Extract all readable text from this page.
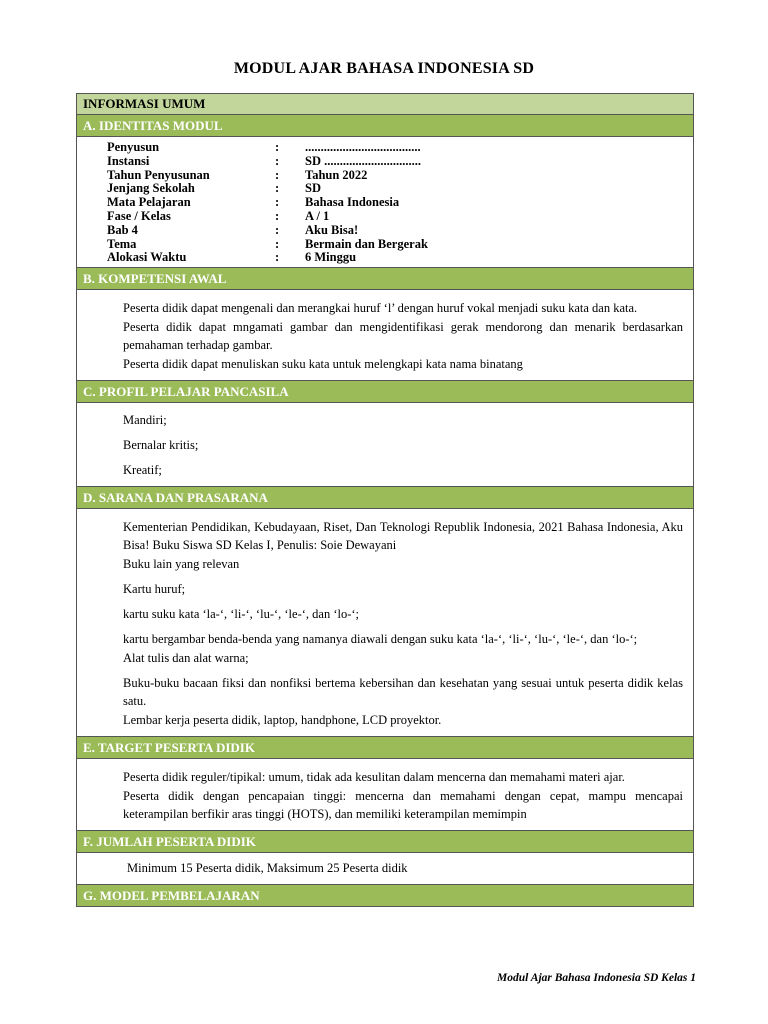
MODUL AJAR BAHASA INDONESIA SD
INFORMASI UMUM
A. IDENTITAS MODUL
Penyusun	:	.....................................
Instansi	:	SD ...............................
Tahun Penyusunan	:	Tahun 2022
Jenjang Sekolah	:	SD
Mata Pelajaran	:	Bahasa Indonesia
Fase / Kelas	:	A / 1
Bab 4	:	Aku Bisa!
Tema	:	Bermain dan Bergerak
Alokasi Waktu	:	6 Minggu
B. KOMPETENSI AWAL
Peserta didik dapat mengenali dan merangkai huruf ‘l’ dengan huruf vokal menjadi suku kata dan kata.
Peserta didik dapat mngamati gambar dan mengidentifikasi gerak mendorong dan menarik berdasarkan pemahaman terhadap gambar.
Peserta didik dapat menuliskan suku kata untuk melengkapi kata nama binatang
C. PROFIL PELAJAR PANCASILA
Mandiri;
Bernalar kritis;
Kreatif;
D. SARANA DAN PRASARANA
Kementerian Pendidikan, Kebudayaan, Riset, Dan Teknologi Republik Indonesia, 2021 Bahasa Indonesia, Aku Bisa! Buku Siswa SD Kelas I, Penulis: Soie Dewayani
Buku lain yang relevan
Kartu huruf;
kartu suku kata ‘la-‘, ‘li-‘, ‘lu-‘, ‘le-‘, dan ‘lo-‘;
kartu bergambar benda-benda yang namanya diawali dengan suku kata ‘la-‘, ‘li-‘, ‘lu-‘, ‘le-‘, dan ‘lo-‘;
Alat tulis dan alat warna;
Buku-buku bacaan fiksi dan nonfiksi bertema kebersihan dan kesehatan yang sesuai untuk peserta didik kelas satu.
Lembar kerja peserta didik, laptop, handphone, LCD proyektor.
E. TARGET PESERTA DIDIK
Peserta didik reguler/tipikal: umum, tidak ada kesulitan dalam mencerna dan memahami materi ajar.
Peserta didik dengan pencapaian tinggi: mencerna dan memahami dengan cepat, mampu mencapai keterampilan berfikir aras tinggi (HOTS), dan memiliki keterampilan memimpin
F. JUMLAH PESERTA DIDIK
Minimum 15 Peserta didik, Maksimum 25 Peserta didik
G. MODEL PEMBELAJARAN
Modul Ajar Bahasa Indonesia SD Kelas 1
